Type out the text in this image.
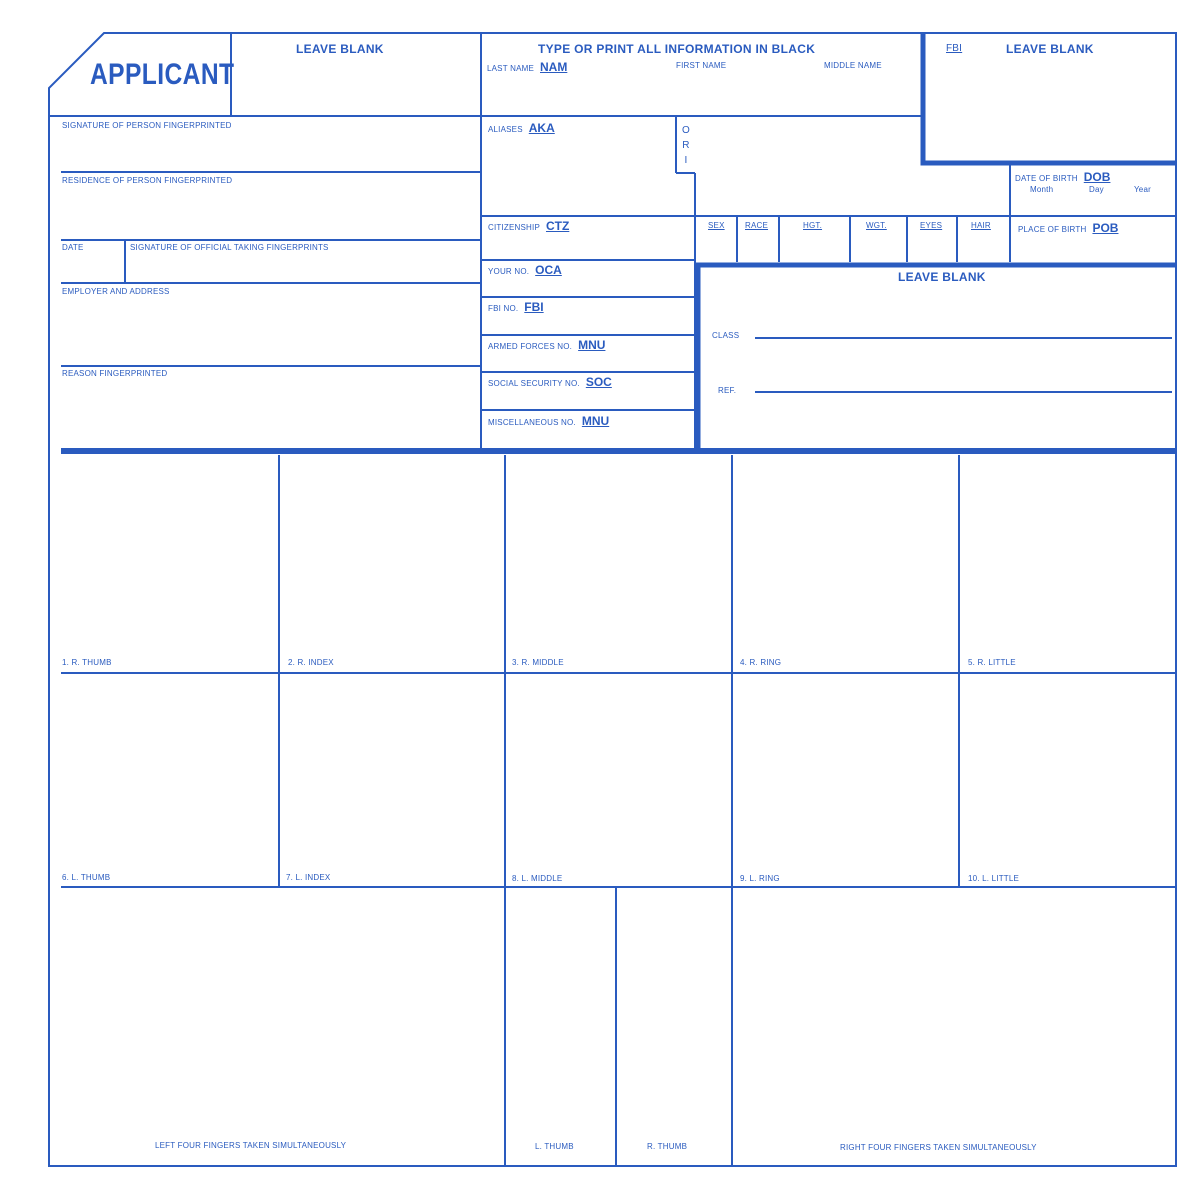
APPLICANT
LEAVE BLANK	TYPE OR PRINT ALL INFORMATION IN BLACK
LAST NAME NAM	FIRST NAME	MIDDLE NAME
FBI	LEAVE BLANK
SIGNATURE OF PERSON FINGERPRINTED
RESIDENCE OF PERSON FINGERPRINTED
DATE	SIGNATURE OF OFFICIAL TAKING FINGERPRINTS
EMPLOYER AND ADDRESS
REASON FINGERPRINTED
ALIASES AKA	O
R
I
CITIZENSHIP CTZ
YOUR NO. OCA
FBI NO. FBI
ARMED FORCES NO. MNU
SOCIAL SECURITY NO. SOC
MISCELLANEOUS NO. MNU
DATE OF BIRTH DOB
Month	Day	Year
SEX	RACE	HGT.	WGT.	EYES	HAIR	PLACE OF BIRTH POB
LEAVE BLANK
CLASS
REF.
1. R. THUMB	2. R. INDEX	3. R. MIDDLE	4. R. RING	5. R. LITTLE
6. L. THUMB	7. L. INDEX	8. L. MIDDLE	9. L. RING	10. L. LITTLE
LEFT FOUR FINGERS TAKEN SIMULTANEOUSLY	L. THUMB	R. THUMB	RIGHT FOUR FINGERS TAKEN SIMULTANEOUSLY
